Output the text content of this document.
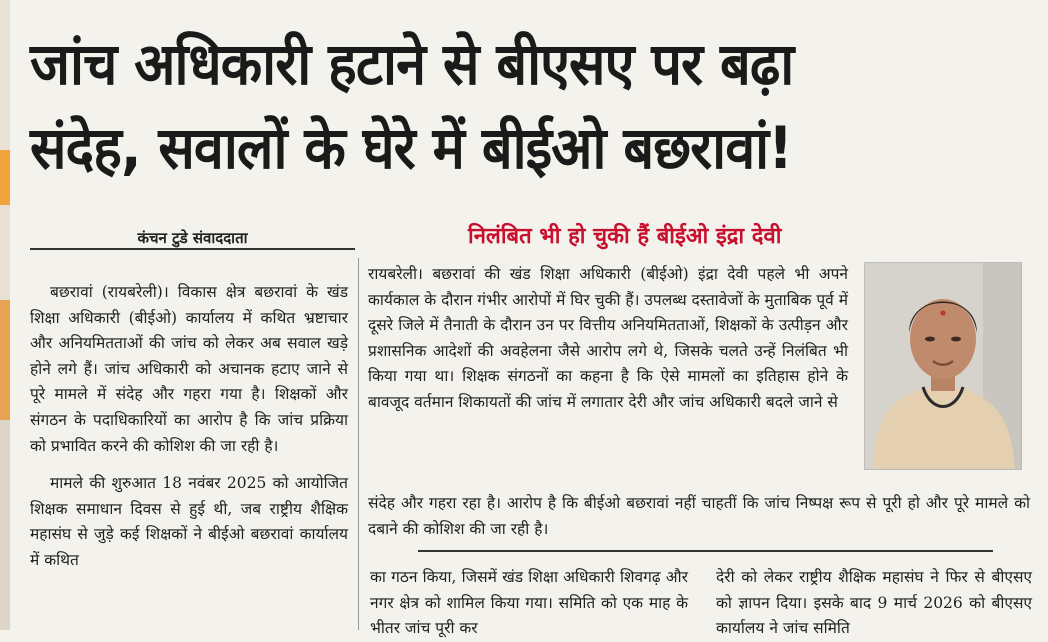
जांच अधिकारी हटाने से बीएसए पर बढ़ा
संदेह, सवालों के घेरे में बीईओ बछरावां!
कंचन टुडे संवाददाता	निलंबित भी हो चुकी हैं बीईओ इंद्रा देवी

बछरावां (रायबरेली)। विकास क्षेत्र बछरावां के खंड शिक्षा अधिकारी (बीईओ) कार्यालय में कथित भ्रष्टाचार और अनियमितताओं की जांच को लेकर अब सवाल खड़े होने लगे हैं। जांच अधिकारी को अचानक हटाए जाने से पूरे मामले में संदेह और गहरा गया है। शिक्षकों और संगठन के पदाधिकारियों का आरोप है कि जांच प्रक्रिया को प्रभावित करने की कोशिश की जा रही है।

मामले की शुरुआत 18 नवंबर 2025 को आयोजित शिक्षक समाधान दिवस से हुई थी, जब राष्ट्रीय शैक्षिक महासंघ से जुड़े कई शिक्षकों ने बीईओ बछरावां कार्यालय में कथित

रायबरेली। बछरावां की खंड शिक्षा अधिकारी (बीईओ) इंद्रा देवी पहले भी अपने कार्यकाल के दौरान गंभीर आरोपों में घिर चुकी हैं। उपलब्ध दस्तावेजों के मुताबिक पूर्व में दूसरे जिले में तैनाती के दौरान उन पर वित्तीय अनियमितताओं, शिक्षकों के उत्पीड़न और प्रशासनिक आदेशों की अवहेलना जैसे आरोप लगे थे, जिसके चलते उन्हें निलंबित भी किया गया था। शिक्षक संगठनों का कहना है कि ऐसे मामलों का इतिहास होने के बावजूद वर्तमान शिकायतों की जांच में लगातार देरी और जांच अधिकारी बदले जाने से

संदेह और गहरा रहा है। आरोप है कि बीईओ बछरावां नहीं चाहतीं कि जांच निष्पक्ष रूप से पूरी हो और पूरे मामले को दबाने की कोशिश की जा रही है।

का गठन किया, जिसमें खंड शिक्षा अधिकारी शिवगढ़ और नगर क्षेत्र को शामिल किया गया। समिति को एक माह के भीतर जांच पूरी कर

देरी को लेकर राष्ट्रीय शैक्षिक महासंघ ने फिर से बीएसए को ज्ञापन दिया। इसके बाद 9 मार्च 2026 को बीएसए कार्यालय ने जांच समिति
